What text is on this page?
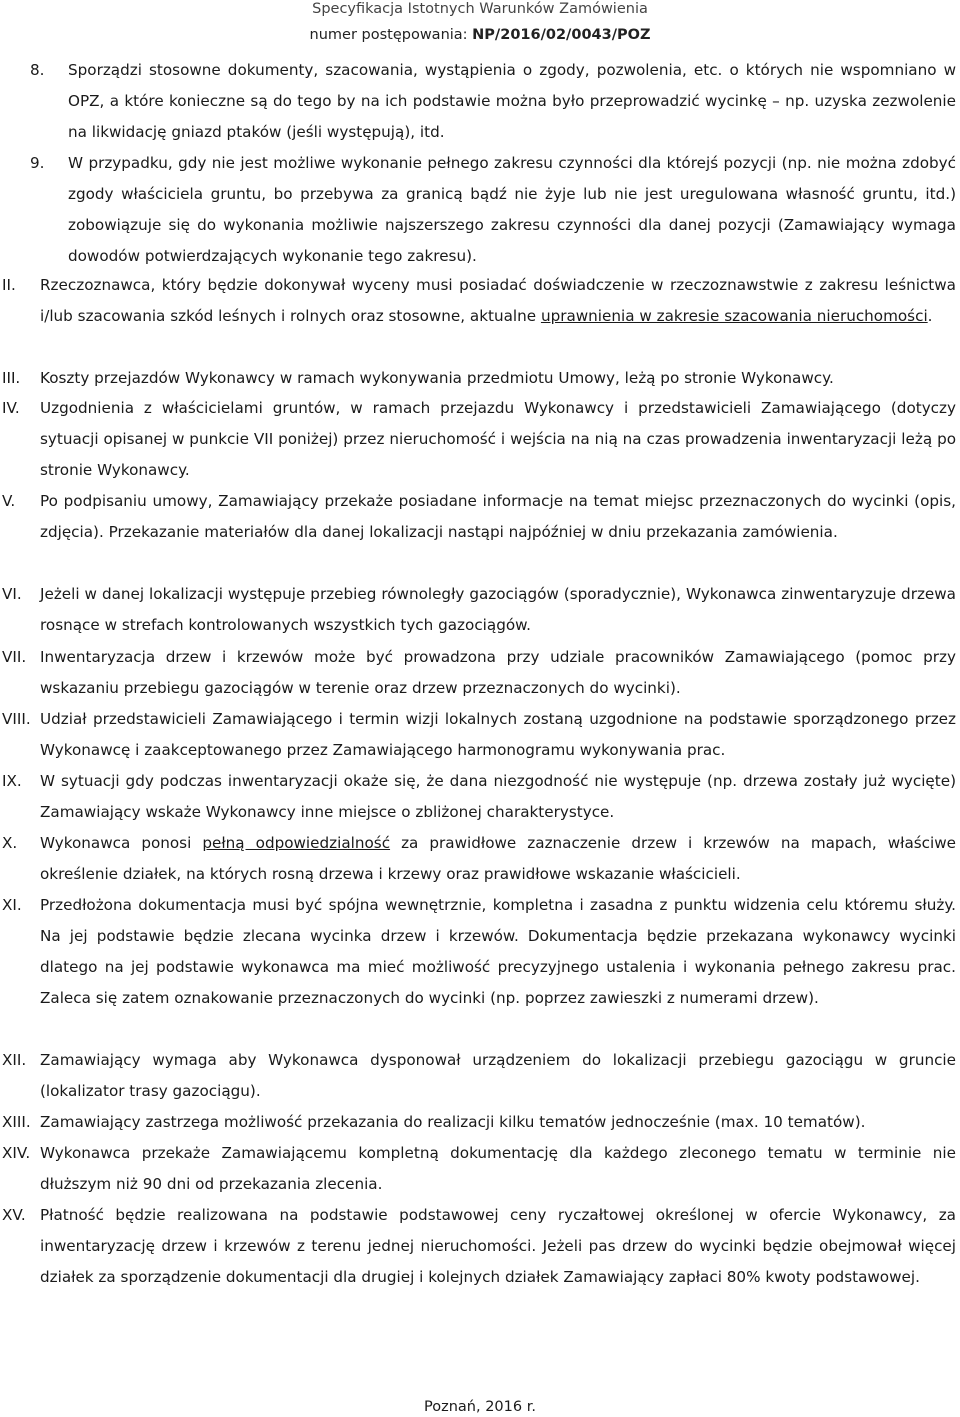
Specyfikacja Istotnych Warunków Zamówienia
numer postępowania: NP/2016/02/0043/POZ
8. Sporządzi stosowne dokumenty, szacowania, wystąpienia o zgody, pozwolenia, etc. o których nie wspomniano w OPZ, a które konieczne są do tego by na ich podstawie można było przeprowadzić wycinkę – np. uzyska zezwolenie na likwidację gniazd ptaków (jeśli występują), itd.
9. W przypadku, gdy nie jest możliwe wykonanie pełnego zakresu czynności dla którejś pozycji (np. nie można zdobyć zgody właściciela gruntu, bo przebywa za granicą bądź nie żyje lub nie jest uregulowana własność gruntu, itd.) zobowiązuje się do wykonania możliwie najszerszego zakresu czynności dla danej pozycji (Zamawiający wymaga dowodów potwierdzających wykonanie tego zakresu).
II. Rzeczoznawca, który będzie dokonywał wyceny musi posiadać doświadczenie w rzeczoznawstwie z zakresu leśnictwa i/lub szacowania szkód leśnych i rolnych oraz stosowne, aktualne uprawnienia w zakresie szacowania nieruchomości.
III. Koszty przejazdów Wykonawcy w ramach wykonywania przedmiotu Umowy, leżą po stronie Wykonawcy.
IV. Uzgodnienia z właścicielami gruntów, w ramach przejazdu Wykonawcy i przedstawicieli Zamawiającego (dotyczy sytuacji opisanej w punkcie VII poniżej) przez nieruchomość i wejścia na nią na czas prowadzenia inwentaryzacji leżą po stronie Wykonawcy.
V. Po podpisaniu umowy, Zamawiający przekaże posiadane informacje na temat miejsc przeznaczonych do wycinki (opis, zdjęcia). Przekazanie materiałów dla danej lokalizacji nastąpi najpóźniej w dniu przekazania zamówienia.
VI. Jeżeli w danej lokalizacji występuje przebieg równoległy gazociągów (sporadycznie), Wykonawca zinwentaryzuje drzewa rosnące w strefach kontrolowanych wszystkich tych gazociągów.
VII. Inwentaryzacja drzew i krzewów może być prowadzona przy udziale pracowników Zamawiającego (pomoc przy wskazaniu przebiegu gazociągów w terenie oraz drzew przeznaczonych do wycinki).
VIII. Udział przedstawicieli Zamawiającego i termin wizji lokalnych zostaną uzgodnione na podstawie sporządzonego przez Wykonawcę i zaakceptowanego przez Zamawiającego harmonogramu wykonywania prac.
IX. W sytuacji gdy podczas inwentaryzacji okaże się, że dana niezgodność nie występuje (np. drzewa zostały już wycięte) Zamawiający wskaże Wykonawcy inne miejsce o zbliżonej charakterystyce.
X. Wykonawca ponosi pełną odpowiedzialność za prawidłowe zaznaczenie drzew i krzewów na mapach, właściwe określenie działek, na których rosną drzewa i krzewy oraz prawidłowe wskazanie właścicieli.
XI. Przedłożona dokumentacja musi być spójna wewnętrznie, kompletna i zasadna z punktu widzenia celu któremu służy. Na jej podstawie będzie zlecana wycinka drzew i krzewów. Dokumentacja będzie przekazana wykonawcy wycinki dlatego na jej podstawie wykonawca ma mieć możliwość precyzyjnego ustalenia i wykonania pełnego zakresu prac. Zaleca się zatem oznakowanie przeznaczonych do wycinki (np. poprzez zawieszki z numerami drzew).
XII. Zamawiający wymaga aby Wykonawca dysponował urządzeniem do lokalizacji przebiegu gazociągu w gruncie (lokalizator trasy gazociągu).
XIII. Zamawiający zastrzega możliwość przekazania do realizacji kilku tematów jednocześnie (max. 10 tematów).
XIV. Wykonawca przekaże Zamawiającemu kompletną dokumentację dla każdego zleconego tematu w terminie nie dłuższym niż 90 dni od przekazania zlecenia.
XV. Płatność będzie realizowana na podstawie podstawowej ceny ryczałtowej określonej w ofercie Wykonawcy, za inwentaryzację drzew i krzewów z terenu jednej nieruchomości. Jeżeli pas drzew do wycinki będzie obejmował więcej działek za sporządzenie dokumentacji dla drugiej i kolejnych działek Zamawiający zapłaci 80% kwoty podstawowej.
Poznań, 2016 r.
